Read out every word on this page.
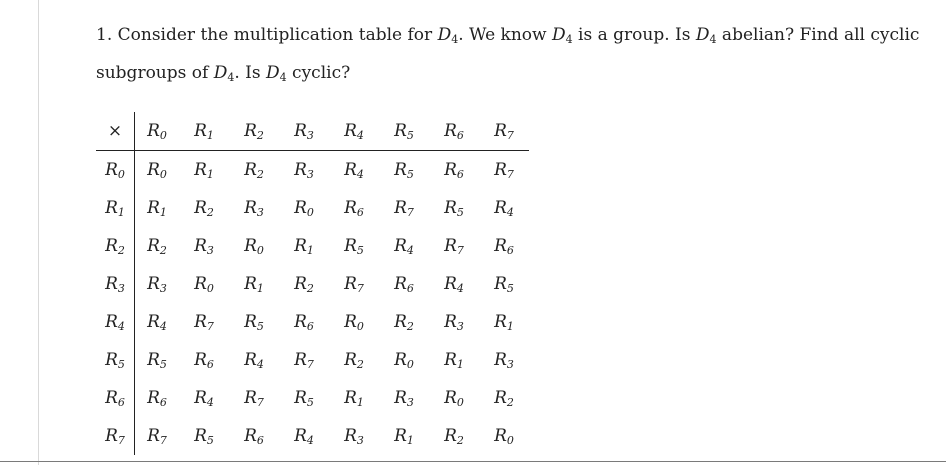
1. Consider the multiplication table for $D_4$. We know $D_4$ is a group. Is $D_4$ abelian? Find all cyclic
subgroups of $D_4$. Is $D_4$ cyclic?

×	$R_0$	$R_1$	$R_2$	$R_3$	$R_4$	$R_5$	$R_6$	$R_7$
$R_0$	$R_0$	$R_1$	$R_2$	$R_3$	$R_4$	$R_5$	$R_6$	$R_7$
$R_1$	$R_1$	$R_2$	$R_3$	$R_0$	$R_6$	$R_7$	$R_5$	$R_4$
$R_2$	$R_2$	$R_3$	$R_0$	$R_1$	$R_5$	$R_4$	$R_7$	$R_6$
$R_3$	$R_3$	$R_0$	$R_1$	$R_2$	$R_7$	$R_6$	$R_4$	$R_5$
$R_4$	$R_4$	$R_7$	$R_5$	$R_6$	$R_0$	$R_2$	$R_3$	$R_1$
$R_5$	$R_5$	$R_6$	$R_4$	$R_7$	$R_2$	$R_0$	$R_1$	$R_3$
$R_6$	$R_6$	$R_4$	$R_7$	$R_5$	$R_1$	$R_3$	$R_0$	$R_2$
$R_7$	$R_7$	$R_5$	$R_6$	$R_4$	$R_3$	$R_1$	$R_2$	$R_0$
